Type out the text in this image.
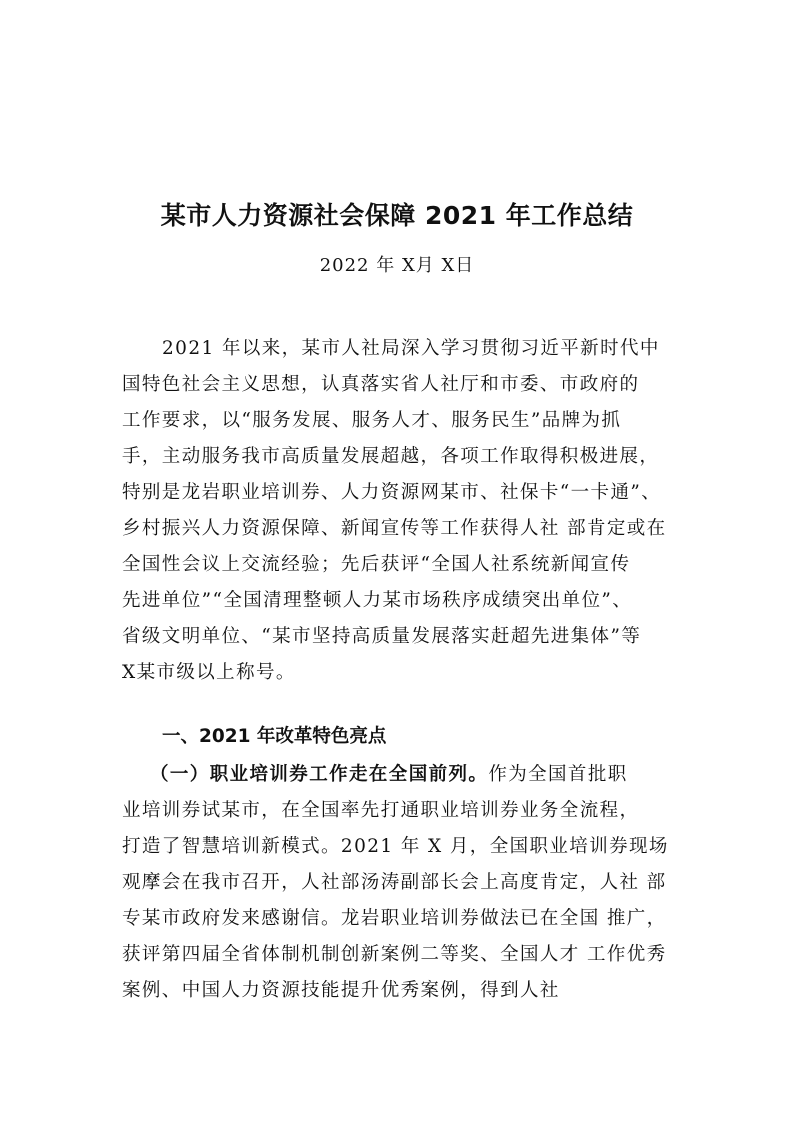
某市人力资源社会保障 2021 年工作总结
2022 年 X月 X日
2021 年以来，某市人社局深入学习贯彻习近平新时代中
国特色社会主义思想，认真落实省人社厅和市委、市政府的
工作要求，以“服务发展、服务人才、服务民生”品牌为抓
手，主动服务我市高质量发展超越，各项工作取得积极进展，
特别是龙岩职业培训券、人力资源网某市、社保卡“一卡通”、
乡村振兴人力资源保障、新闻宣传等工作获得人社 部肯定或在
全国性会议上交流经验；先后获评“全国人社系统新闻宣传
先进单位”“全国清理整顿人力某市场秩序成绩突出单位”、
省级文明单位、“某市坚持高质量发展落实赶超先进集体”等
X某市级以上称号。
一、2021 年改革特色亮点
（一）职业培训券工作走在全国前列。作为全国首批职
业培训券试某市，在全国率先打通职业培训券业务全流程，
打造了智慧培训新模式。2021 年 X 月，全国职业培训券现场
观摩会在我市召开，人社部汤涛副部长会上高度肯定，人社 部
专某市政府发来感谢信。龙岩职业培训券做法已在全国 推广，
获评第四届全省体制机制创新案例二等奖、全国人才 工作优秀
案例、中国人力资源技能提升优秀案例，得到人社
